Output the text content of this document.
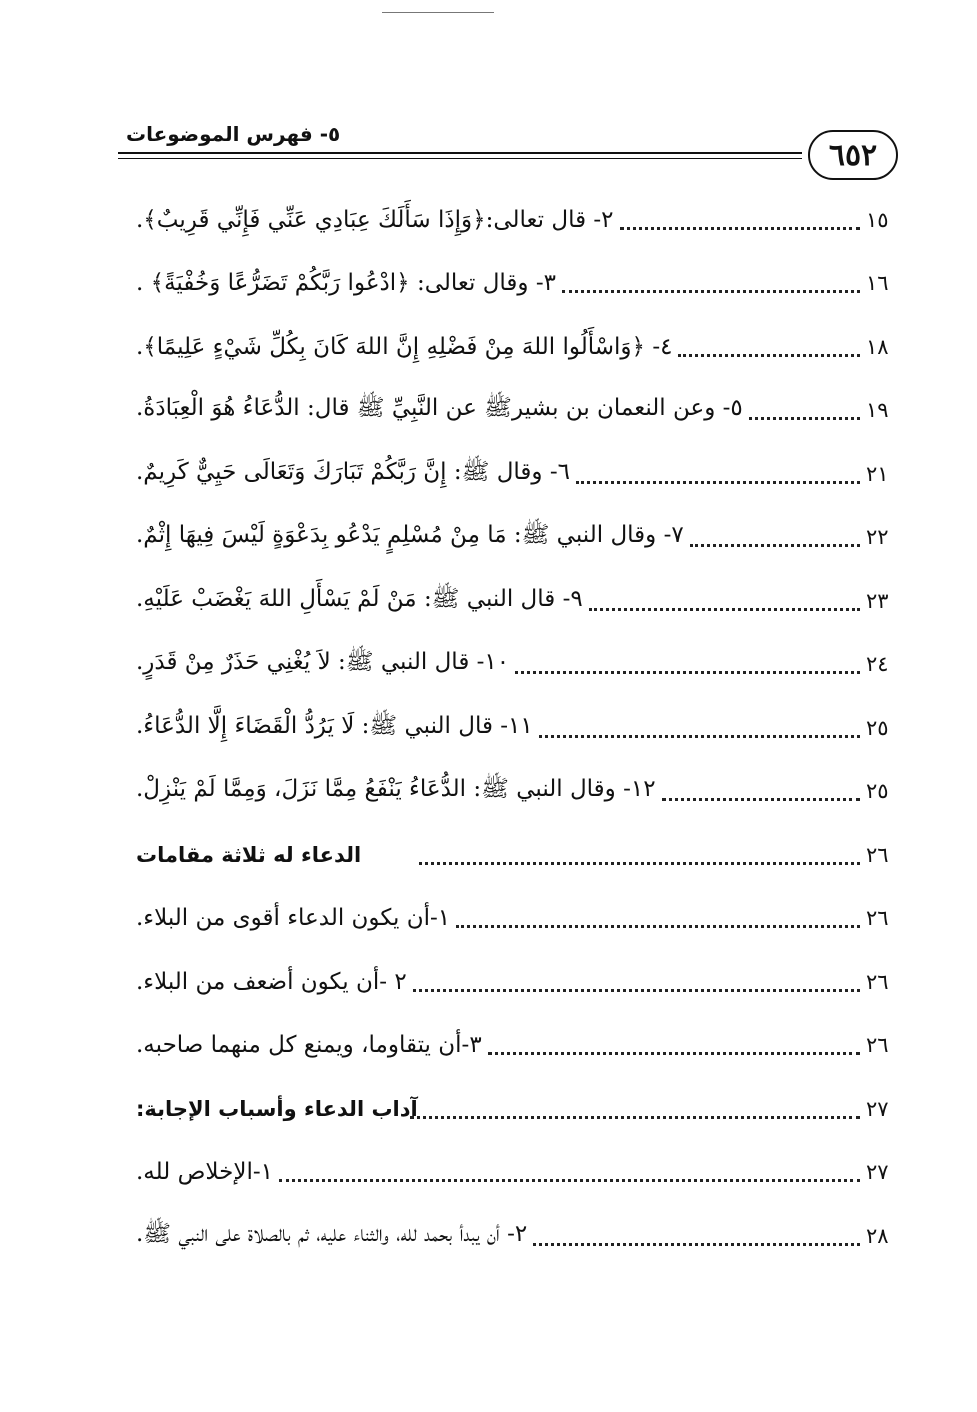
٥- فهرس الموضوعات
٦٥٢
٢- قال تعالى:﴿وَإِذَا سَأَلَكَ عِبَادِي عَنِّي فَإِنِّي قَرِيبٌ﴾.	١٥
٣- وقال تعالى: ﴿ادْعُوا رَبَّكُمْ تَضَرُّعًا وَخُفْيَةً﴾ .	١٦
٤- ﴿وَاسْأَلُوا اللهَ مِنْ فَضْلِهِ إِنَّ اللهَ كَانَ بِكُلِّ شَيْءٍ عَلِيمًا﴾.	١٨
٥- وعن النعمان بن بشيرﷺ عن النَّبِيِّ ﷺ قال: الدُّعَاءُ هُوَ الْعِبَادَةُ.	١٩
٦- وقال ﷺ: إِنَّ رَبَّكُمْ تَبَارَكَ وَتَعَالَى حَيِيٌّ كَرِيمٌ.	٢١
٧- وقال النبي ﷺ: مَا مِنْ مُسْلِمٍ يَدْعُو بِدَعْوَةٍ لَيْسَ فِيهَا إِثْمٌ.	٢٢
٩- قال النبي ﷺ: مَنْ لَمْ يَسْأَلِ اللهَ يَغْضَبْ عَلَيْهِ.	٢٣
١٠- قال النبي ﷺ: لاَ يُغْنِي حَذَرٌ مِنْ قَدَرٍ.	٢٤
١١- قال النبي ﷺ: لَا يَرُدُّ الْقَضَاءَ إِلَّا الدُّعَاءُ.	٢٥
١٢- وقال النبي ﷺ: الدُّعَاءُ يَنْفَعُ مِمَّا نَزَلَ، وَمِمَّا لَمْ يَنْزِلْ.	٢٥
الدعاء له ثلاثة مقامات	٢٦
١-أن يكون الدعاء أقوى من البلاء.	٢٦
٢ -أن يكون أضعف من البلاء.	٢٦
٣-أن يتقاوما، ويمنع كل منهما صاحبه.	٢٦
آداب الدعاء وأسباب الإجابة:	٢٧
١-الإخلاص لله.	٢٧
٢- أن يبدأ بحمد لله، والثناء عليه، ثم بالصلاة على النبي ﷺ.	٢٨
